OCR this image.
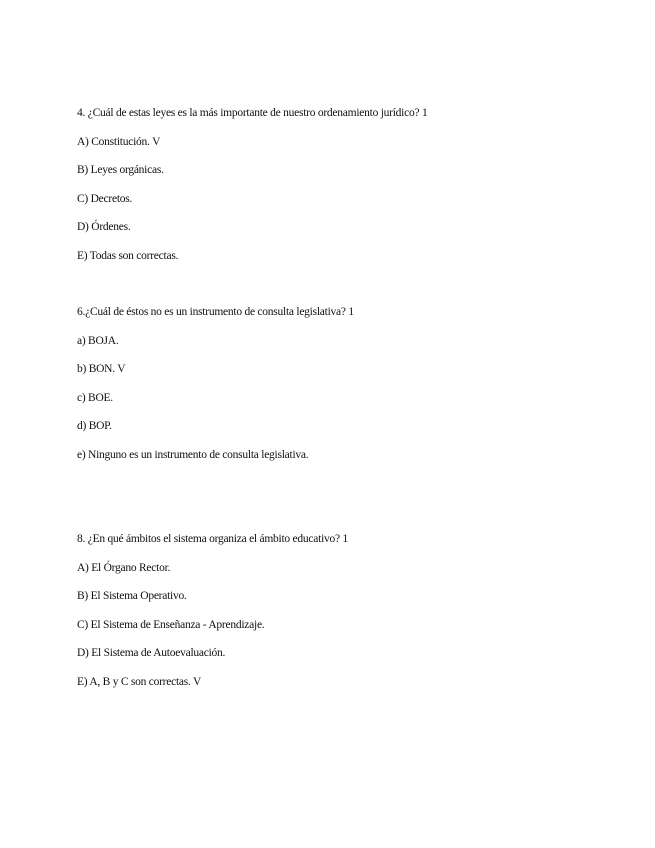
4. ¿Cuál de estas leyes es la más importante de nuestro ordenamiento jurídico? 1
A) Constitución. V
B) Leyes orgánicas.
C) Decretos.
D) Órdenes.
E) Todas son correctas.
6.¿Cuál de éstos no es un instrumento de consulta legislativa? 1
a) BOJA.
b) BON. V
c) BOE.
d) BOP.
e) Ninguno es un instrumento de consulta legislativa.
8. ¿En qué ámbitos el sistema organiza el ámbito educativo? 1
A) El Órgano Rector.
B) El Sistema Operativo.
C) El Sistema de Enseñanza - Aprendizaje.
D) El Sistema de Autoevaluación.
E) A, B y C son correctas. V
